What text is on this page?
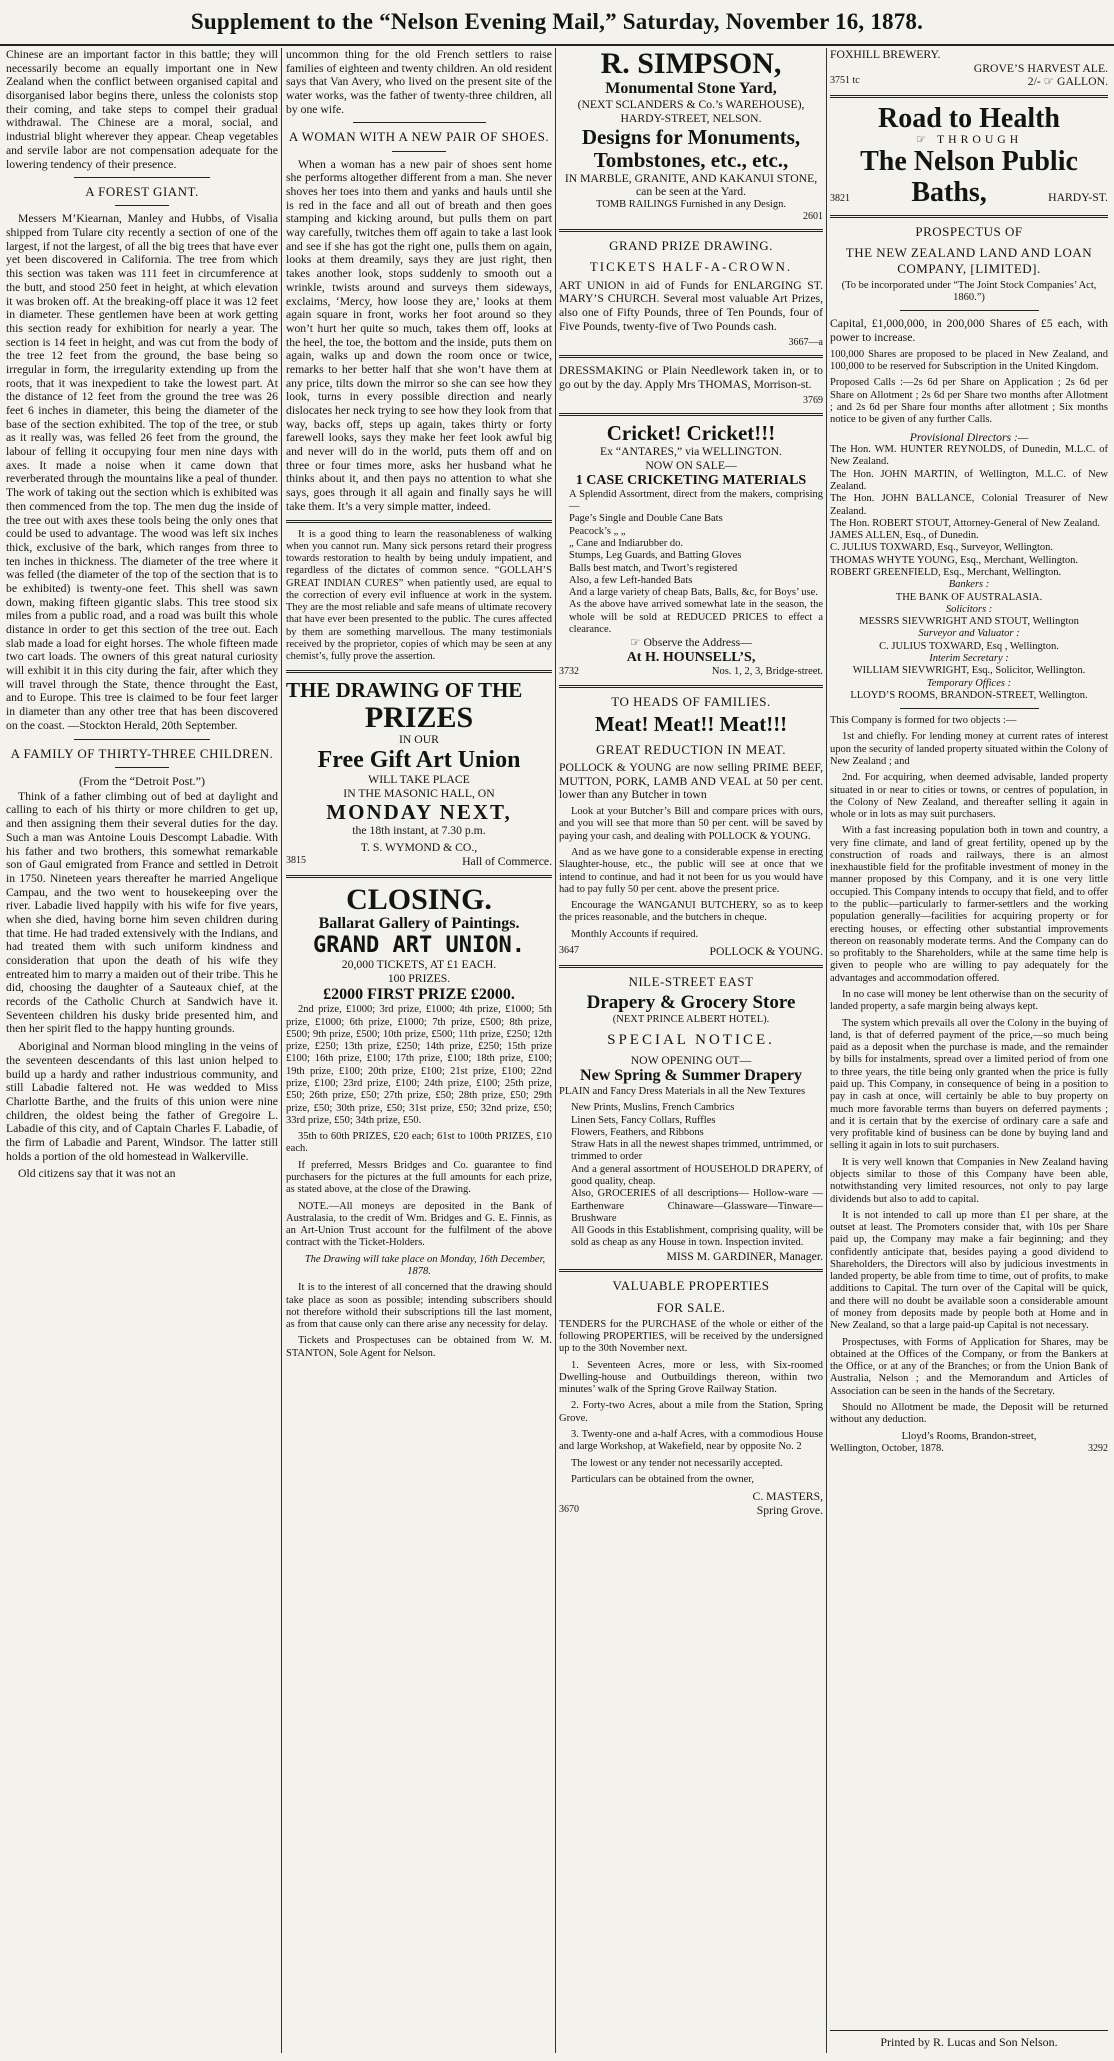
Supplement to the “Nelson Evening Mail,” Saturday, November 16, 1878.

Chinese are an important factor in this battle; they will necessarily become an equally important one in New Zealand when the conflict between organised capital and disorganised labor begins there, unless the colonists stop their coming, and take steps to compel their gradual withdrawal. The Chinese are a moral, social, and industrial blight wherever they appear. Cheap vegetables and servile labor are not compensation adequate for the lowering tendency of their presence.

A FOREST GIANT.

Messers M’Kiearnan, Manley and Hubbs, of Visalia shipped from Tulare city recently a section of one of the largest, if not the largest, of all the big trees that have ever yet been discovered in California. The tree from which this section was taken was 111 feet in circumference at the butt, and stood 250 feet in height, at which elevation it was broken off. At the breaking-off place it was 12 feet in diameter. These gentlemen have been at work getting this section ready for exhibition for nearly a year. The section is 14 feet in height, and was cut from the body of the tree 12 feet from the ground, the base being so irregular in form, the irregularity extending up from the roots, that it was inexpedient to take the lowest part. At the distance of 12 feet from the ground the tree was 26 feet 6 inches in diameter, this being the diameter of the base of the section exhibited. The top of the tree, or stub as it really was, was felled 26 feet from the ground, the labour of felling it occupying four men nine days with axes. It made a noise when it came down that reverberated through the mountains like a peal of thunder. The work of taking out the section which is exhibited was then commenced from the top. The men dug the inside of the tree out with axes these tools being the only ones that could be used to advantage. The wood was left six inches thick, exclusive of the bark, which ranges from three to ten inches in thickness. The diameter of the tree where it was felled (the diameter of the top of the section that is to be exhibited) is twenty-one feet. This shell was sawn down, making fifteen gigantic slabs. This tree stood six miles from a public road, and a road was built this whole distance in order to get this section of the tree out. Each slab made a load for eight horses. The whole fifteen made two cart loads. The owners of this great natural curiosity will exhibit it in this city during the fair, after which they will travel through the State, thence throught the East, and to Europe. This tree is claimed to be four feet larger in diameter than any other tree that has been discovered on the coast. —Stockton Herald, 20th September.

A FAMILY OF THIRTY-THREE CHILDREN.
(From the “Detroit Post.”)

Think of a father climbing out of bed at daylight and calling to each of his thirty or more children to get up, and then assigning them their several duties for the day. Such a man was Antoine Louis Descompt Labadie. With his father and two brothers, this somewhat remarkable son of Gaul emigrated from France and settled in Detroit in 1750. Nineteen years thereafter he married Angelique Campau, and the two went to housekeeping over the river. Labadie lived happily with his wife for five years, when she died, having borne him seven children during that time. He had traded extensively with the Indians, and had treated them with such uniform kindness and consideration that upon the death of his wife they entreated him to marry a maiden out of their tribe. This he did, choosing the daughter of a Sauteaux chief, at the records of the Catholic Church at Sandwich have it. Seventeen children his dusky bride presented him, and then her spirit fled to the happy hunting grounds.

Aboriginal and Norman blood mingling in the veins of the seventeen descendants of this last union helped to build up a hardy and rather industrious community, and still Labadie faltered not. He was wedded to Miss Charlotte Barthe, and the fruits of this union were nine children, the oldest being the father of Gregoire L. Labadie of this city, and of Captain Charles F. Labadie, of the firm of Labadie and Parent, Windsor. The latter still holds a portion of the old homestead in Walkerville.

Old citizens say that it was not an

uncommon thing for the old French settlers to raise families of eighteen and twenty children. An old resident says that Van Avery, who lived on the present site of the water works, was the father of twenty-three children, all by one wife.

A WOMAN WITH A NEW PAIR OF SHOES.

When a woman has a new pair of shoes sent home she performs altogether different from a man. She never shoves her toes into them and yanks and hauls until she is red in the face and all out of breath and then goes stamping and kicking around, but pulls them on part way carefully, twitches them off again to take a last look and see if she has got the right one, pulls them on again, looks at them dreamily, says they are just right, then takes another look, stops suddenly to smooth out a wrinkle, twists around and surveys them sideways, exclaims, ‘Mercy, how loose they are,’ looks at them again square in front, works her foot around so they won’t hurt her quite so much, takes them off, looks at the heel, the toe, the bottom and the inside, puts them on again, walks up and down the room once or twice, remarks to her better half that she won’t have them at any price, tilts down the mirror so she can see how they look, turns in every possible direction and nearly dislocates her neck trying to see how they look from that way, backs off, steps up again, takes thirty or forty farewell looks, says they make her feet look awful big and never will do in the world, puts them off and on three or four times more, asks her husband what he thinks about it, and then pays no attention to what she says, goes through it all again and finally says he will take them. It’s a very simple matter, indeed.

It is a good thing to learn the reasonableness of walking when you cannot run. Many sick persons retard their progress towards restoration to health by being unduly impatient, and regardless of the dictates of common sence. “GOLLAH’S GREAT INDIAN CURES” when patiently used, are equal to the correction of every evil influence at work in the system. They are the most reliable and safe means of ultimate recovery that have ever been presented to the public. The cures affected by them are something marvellous. The many testimonials received by the proprietor, copies of which may be seen at any chemist’s, fully prove the assertion.

THE DRAWING OF THE
PRIZES
IN OUR
Free Gift Art Union
WILL TAKE PLACE
IN THE MASONIC HALL, ON
MONDAY NEXT,
the 18th instant, at 7.30 p.m.
T. S. WYMOND & CO.,
3815	Hall of Commerce.
CLOSING.
Ballarat Gallery of Paintings.
GRAND ART UNION.
20,000 TICKETS, AT £1 EACH.
100 PRIZES.
£2000 FIRST PRIZE £2000.

2nd prize, £1000; 3rd prize, £1000; 4th prize, £1000; 5th prize, £1000; 6th prize, £1000; 7th prize, £500; 8th prize, £500; 9th prize, £500; 10th prize, £500; 11th prize, £250; 12th prize, £250; 13th prize, £250; 14th prize, £250; 15th prize £100; 16th prize, £100; 17th prize, £100; 18th prize, £100; 19th prize, £100; 20th prize, £100; 21st prize, £100; 22nd prize, £100; 23rd prize, £100; 24th prize, £100; 25th prize, £50; 26th prize, £50; 27th prize, £50; 28th prize, £50; 29th prize, £50; 30th prize, £50; 31st prize, £50; 32nd prize, £50; 33rd prize, £50; 34th prize, £50.

35th to 60th PRIZES, £20 each; 61st to 100th PRIZES, £10 each.

If preferred, Messrs Bridges and Co. guarantee to find purchasers for the pictures at the full amounts for each prize, as stated above, at the close of the Drawing.

NOTE.—All moneys are deposited in the Bank of Australasia, to the credit of Wm. Bridges and G. E. Finnis, as an Art-Union Trust account for the fulfilment of the above contract with the Ticket-Holders.

The Drawing will take place on Monday, 16th December, 1878.

It is to the interest of all concerned that the drawing should take place as soon as possible; intending subscribers should not therefore withold their subscriptions till the last moment, as from that cause only can there arise any necessity for delay.

Tickets and Prospectuses can be obtained from W. M. STANTON, Sole Agent for Nelson.

R. SIMPSON,
Monumental Stone Yard,
(NEXT SCLANDERS & Co.’s WAREHOUSE),
HARDY-STREET, NELSON.
Designs for Monuments, Tombstones, etc., etc.,
IN MARBLE, GRANITE, AND KAKANUI STONE,
can be seen at the Yard.
TOMB RAILINGS Furnished in any Design.
2601
GRAND PRIZE DRAWING.
TICKETS HALF-A-CROWN.

ART UNION in aid of Funds for ENLARGING ST. MARY’S CHURCH. Several most valuable Art Prizes, also one of Fifty Pounds, three of Ten Pounds, four of Five Pounds, twenty-five of Two Pounds cash.

3667—a

DRESSMAKING or Plain Needlework taken in, or to go out by the day. Apply Mrs THOMAS, Morrison-st.

3769
Cricket! Cricket!!!
Ex “ANTARES,” via WELLINGTON.
NOW ON SALE—
1 CASE CRICKETING MATERIALS
A Splendid Assortment, direct from the makers, comprising—
Page’s Single and Double Cane Bats
Peacock’s „ „
„ Cane and Indiarubber do.
Stumps, Leg Guards, and Batting Gloves
Balls best match, and Twort’s registered
Also, a few Left-handed Bats
And a large variety of cheap Bats, Balls, &c, for Boys’ use.
As the above have arrived somewhat late in the season, the whole will be sold at REDUCED PRICES to effect a clearance.
☞ Observe the Address—
At H. HOUNSELL’S,
3732	Nos. 1, 2, 3, Bridge-street.
TO HEADS OF FAMILIES.
Meat! Meat!! Meat!!!
GREAT REDUCTION IN MEAT.

POLLOCK & YOUNG are now selling PRIME BEEF, MUTTON, PORK, LAMB AND VEAL at 50 per cent. lower than any Butcher in town

Look at your Butcher’s Bill and compare prices with ours, and you will see that more than 50 per cent. will be saved by paying your cash, and dealing with POLLOCK & YOUNG.

And as we have gone to a considerable expense in erecting Slaughter-house, etc., the public will see at once that we intend to continue, and had it not been for us you would have had to pay fully 50 per cent. above the present price.

Encourage the WANGANUI BUTCHERY, so as to keep the prices reasonable, and the butchers in cheque.

Monthly Accounts if required.

3647	POLLOCK & YOUNG.
NILE-STREET EAST
Drapery & Grocery Store
(NEXT PRINCE ALBERT HOTEL).
SPECIAL NOTICE.
NOW OPENING OUT—
New Spring & Summer Drapery

PLAIN and Fancy Dress Materials in all the New Textures

New Prints, Muslins, French Cambrics
Linen Sets, Fancy Collars, Ruffles
Flowers, Feathers, and Ribbons
Straw Hats in all the newest shapes trimmed, untrimmed, or trimmed to order
And a general assortment of HOUSEHOLD DRAPERY, of good quality, cheap.
Also, GROCERIES of all descriptions— Hollow-ware — Earthenware Chinaware—Glassware—Tinware—Brushware
All Goods in this Establishment, comprising quality, will be sold as cheap as any House in town. Inspection invited.
MISS M. GARDINER, Manager.
VALUABLE PROPERTIES
FOR SALE.

TENDERS for the PURCHASE of the whole or either of the following PROPERTIES, will be received by the undersigned up to the 30th November next.

1. Seventeen Acres, more or less, with Six-roomed Dwelling-house and Outbuildings thereon, within two minutes’ walk of the Spring Grove Railway Station.

2. Forty-two Acres, about a mile from the Station, Spring Grove.

3. Twenty-one and a-half Acres, with a commodious House and large Workshop, at Wakefield, near by opposite No. 2

The lowest or any tender not necessarily accepted.

Particulars can be obtained from the owner,

C. MASTERS,
3670	Spring Grove.
FOXHILL BREWERY.
GROVE’S HARVEST ALE.
3751 tc	2/- ☞ GALLON.
Road to Health
☞ THROUGH
The Nelson Public
3821 Baths,	HARDY-ST.
PROSPECTUS OF
THE NEW ZEALAND LAND AND LOAN COMPANY, [LIMITED].
(To be incorporated under “The Joint Stock Companies’ Act, 1860.”)

Capital, £1,000,000, in 200,000 Shares of £5 each, with power to increase.

100,000 Shares are proposed to be placed in New Zealand, and 100,000 to be reserved for Subscription in the United Kingdom.

Proposed Calls :—2s 6d per Share on Application ; 2s 6d per Share on Allotment ; 2s 6d per Share two months after Allotment ; and 2s 6d per Share four months after allotment ; Six months notice to be given of any further Calls.

Provisional Directors :—
The Hon. WM. HUNTER REYNOLDS, of Dunedin, M.L.C. of New Zealand.
The Hon. JOHN MARTIN, of Wellington, M.L.C. of New Zealand.
The Hon. JOHN BALLANCE, Colonial Treasurer of New Zealand.
The Hon. ROBERT STOUT, Attorney-General of New Zealand.
JAMES ALLEN, Esq., of Dunedin.
C. JULIUS TOXWARD, Esq., Surveyor, Wellington.
THOMAS WHYTE YOUNG, Esq., Merchant, Wellington.
ROBERT GREENFIELD, Esq., Merchant, Wellington.
Bankers :
THE BANK OF AUSTRALASIA.
Solicitors :
MESSRS SIEVWRIGHT AND STOUT, Wellington
Surveyor and Valuator :
C. JULIUS TOXWARD, Esq , Wellington.
Interim Secretary :
WILLIAM SIEVWRIGHT, Esq., Solicitor, Wellington.
Temporary Offices :
LLOYD’S ROOMS, BRANDON-STREET, Wellington.

This Company is formed for two objects :—

1st and chiefly. For lending money at current rates of interest upon the security of landed property situated within the Colony of New Zealand ; and

2nd. For acquiring, when deemed advisable, landed property situated in or near to cities or towns, or centres of population, in the Colony of New Zealand, and thereafter selling it again in whole or in lots as may suit purchasers.

With a fast increasing population both in town and country, a very fine climate, and land of great fertility, opened up by the construction of roads and railways, there is an almost inexhaustible field for the profitable investment of money in the manner proposed by this Company, and it is one very little occupied. This Company intends to occupy that field, and to offer to the public—particularly to farmer-settlers and the working population generally—facilities for acquiring property or for erecting houses, or effecting other substantial improvements thereon on reasonably moderate terms. And the Company can do so profitably to the Shareholders, while at the same time help is given to people who are willing to pay adequately for the advantages and accommodation offered.

In no case will money be lent otherwise than on the security of landed property, a safe margin being always kept.

The system which prevails all over the Colony in the buying of land, is that of deferred payment of the price,—so much being paid as a deposit when the purchase is made, and the remainder by bills for instalments, spread over a limited period of from one to three years, the title being only granted when the price is fully paid up. This Company, in consequence of being in a position to pay in cash at once, will certainly be able to buy property on much more favorable terms than buyers on deferred payments ; and it is certain that by the exercise of ordinary care a safe and very profitable kind of business can be done by buying land and selling it again in lots to suit purchasers.

It is very well known that Companies in New Zealand having objects similar to those of this Company have been able, notwithstanding very limited resources, not only to pay large dividends but also to add to capital.

It is not intended to call up more than £1 per share, at the outset at least. The Promoters consider that, with 10s per Share paid up, the Company may make a fair beginning; and they confidently anticipate that, besides paying a good dividend to Shareholders, the Directors will also by judicious investments in landed property, be able from time to time, out of profits, to make additions to Capital. The turn over of the Capital will be quick, and there will no doubt be available soon a considerable amount of money from deposits made by people both at Home and in New Zealand, so that a large paid-up Capital is not necessary.

Prospectuses, with Forms of Application for Shares, may be obtained at the Offices of the Company, or from the Bankers at the Office, or at any of the Branches; or from the Union Bank of Australia, Nelson ; and the Memorandum and Articles of Association can be seen in the hands of the Secretary.

Should no Allotment be made, the Deposit will be returned without any deduction.

Lloyd’s Rooms, Brandon-street,
Wellington, October, 1878.	3292
Printed by R. Lucas and Son Nelson.
